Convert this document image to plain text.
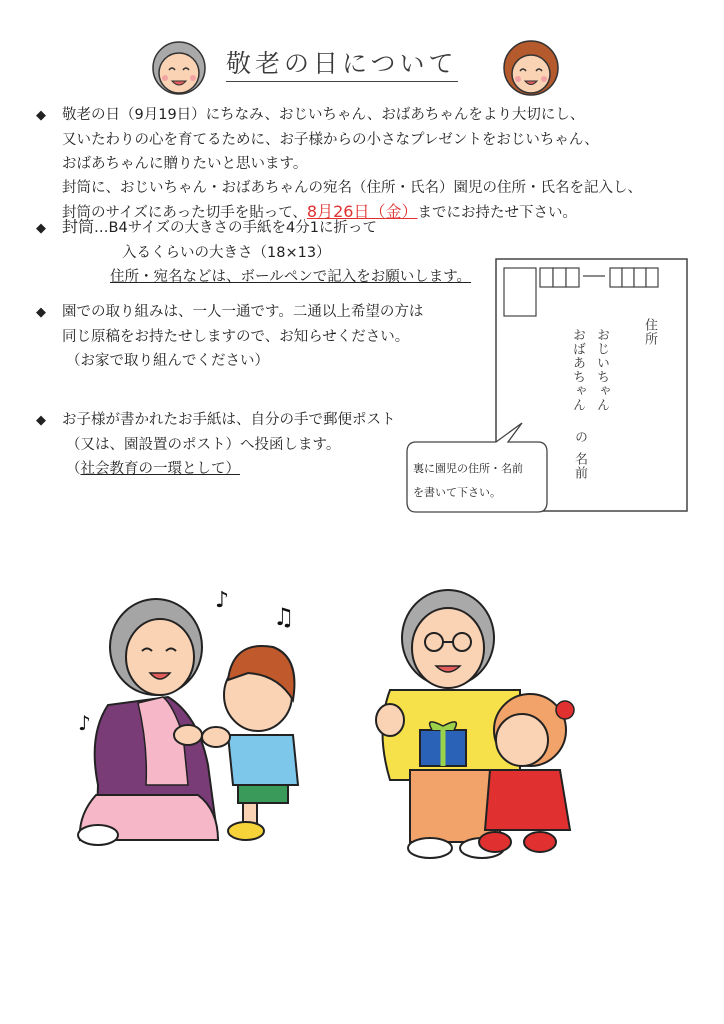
敬老の日について
◆ 敬老の日（9月19日）にちなみ、おじいちゃん、おばあちゃんをより大切にし、
又いたわりの心を育てるために、お子様からの小さなプレゼントをおじいちゃん、
おばあちゃんに贈りたいと思います。
封筒に、おじいちゃん・おばあちゃんの宛名（住所・氏名）園児の住所・氏名を記入し、
封筒のサイズにあった切手を貼って、8月26日（金）までにお持たせ下さい。
◆ 封筒…B4サイズの大きさの手紙を4分1に折って
入るくらいの大きさ（18×13）
住所・宛名などは、ボールペンで記入をお願いします。
◆ 園での取り組みは、一人一通です。二通以上希望の方は
同じ原稿をお持たせしますので、お知らせください。
（お家で取り組んでください）
◆ お子様が書かれたお手紙は、自分の手で郵便ポスト
（又は、園設置のポスト）へ投函します。
（社会教育の一環として）
住所
おじいちゃん
おばあちゃん
の
名前
裏に園児の住所・名前
を書いて下さい。
♪
♫
♪
